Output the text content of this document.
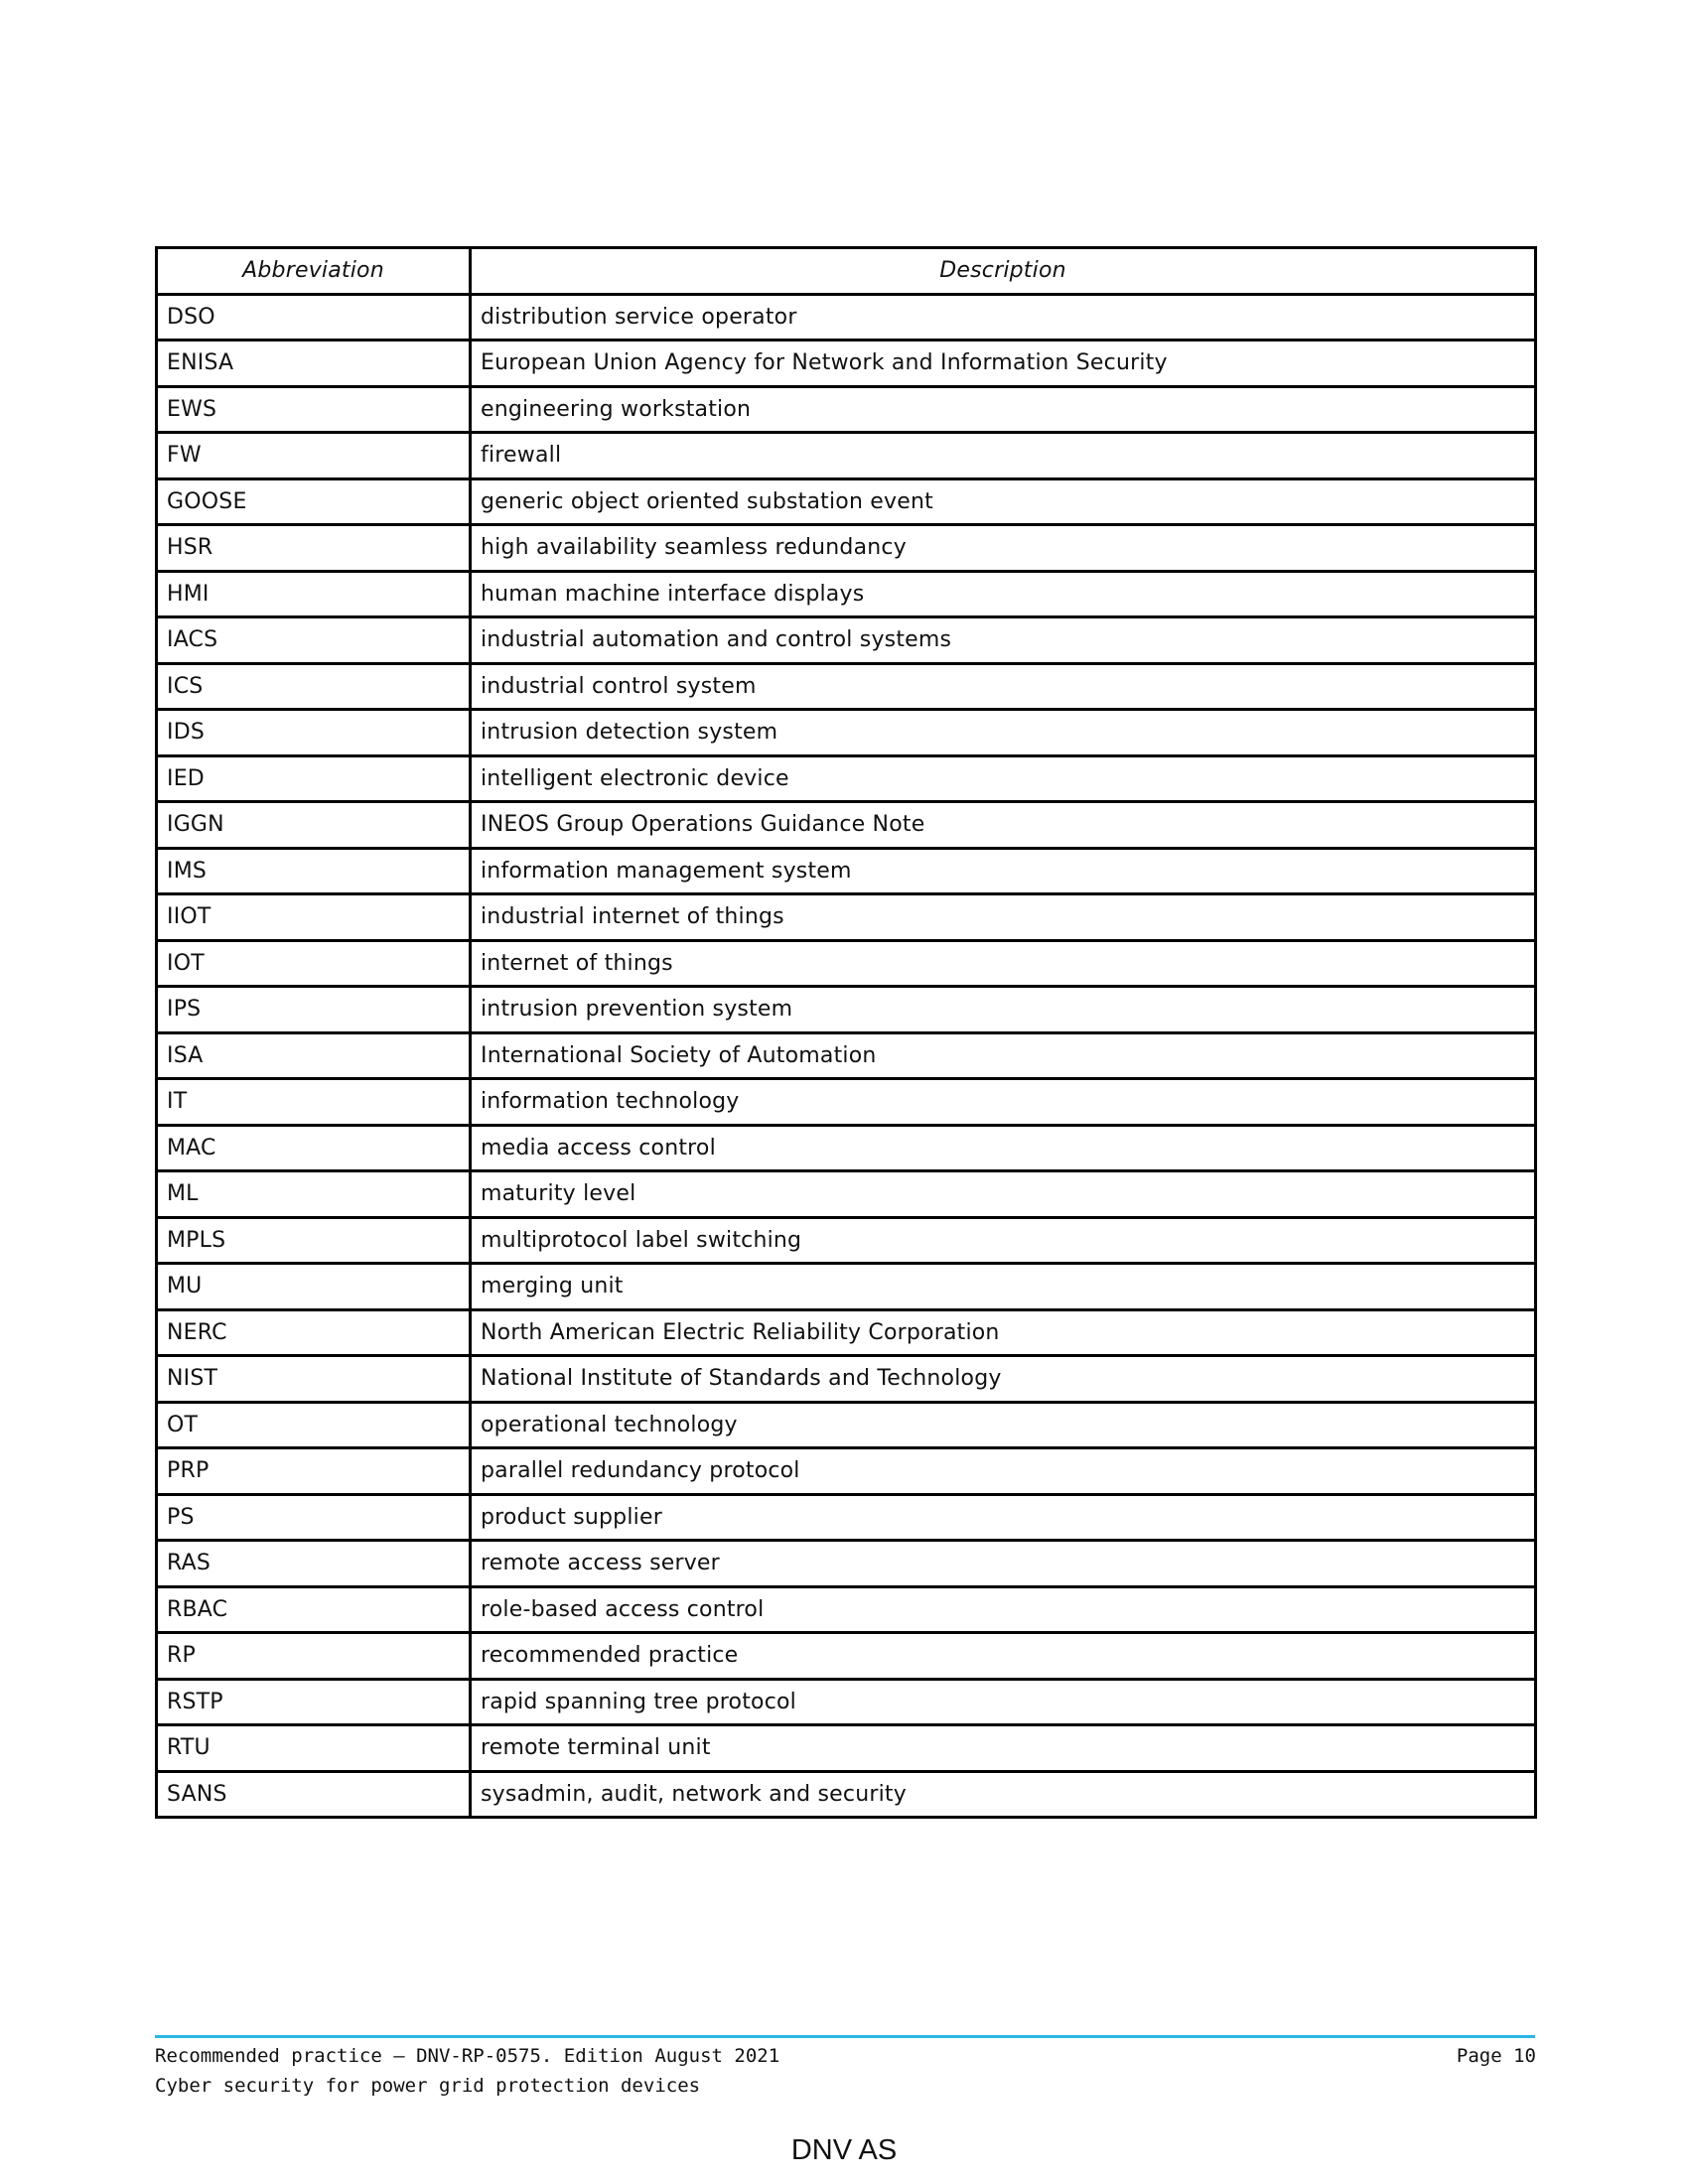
Abbreviation	Description
DSO	distribution service operator
ENISA	European Union Agency for Network and Information Security
EWS	engineering workstation
FW	firewall
GOOSE	generic object oriented substation event
HSR	high availability seamless redundancy
HMI	human machine interface displays
IACS	industrial automation and control systems
ICS	industrial control system
IDS	intrusion detection system
IED	intelligent electronic device
IGGN	INEOS Group Operations Guidance Note
IMS	information management system
IIOT	industrial internet of things
IOT	internet of things
IPS	intrusion prevention system
ISA	International Society of Automation
IT	information technology
MAC	media access control
ML	maturity level
MPLS	multiprotocol label switching
MU	merging unit
NERC	North American Electric Reliability Corporation
NIST	National Institute of Standards and Technology
OT	operational technology
PRP	parallel redundancy protocol
PS	product supplier
RAS	remote access server
RBAC	role-based access control
RP	recommended practice
RSTP	rapid spanning tree protocol
RTU	remote terminal unit
SANS	sysadmin, audit, network and security
Recommended practice — DNV-RP-0575. Edition August 2021
Cyber security for power grid protection devices
Page 10
DNV AS
